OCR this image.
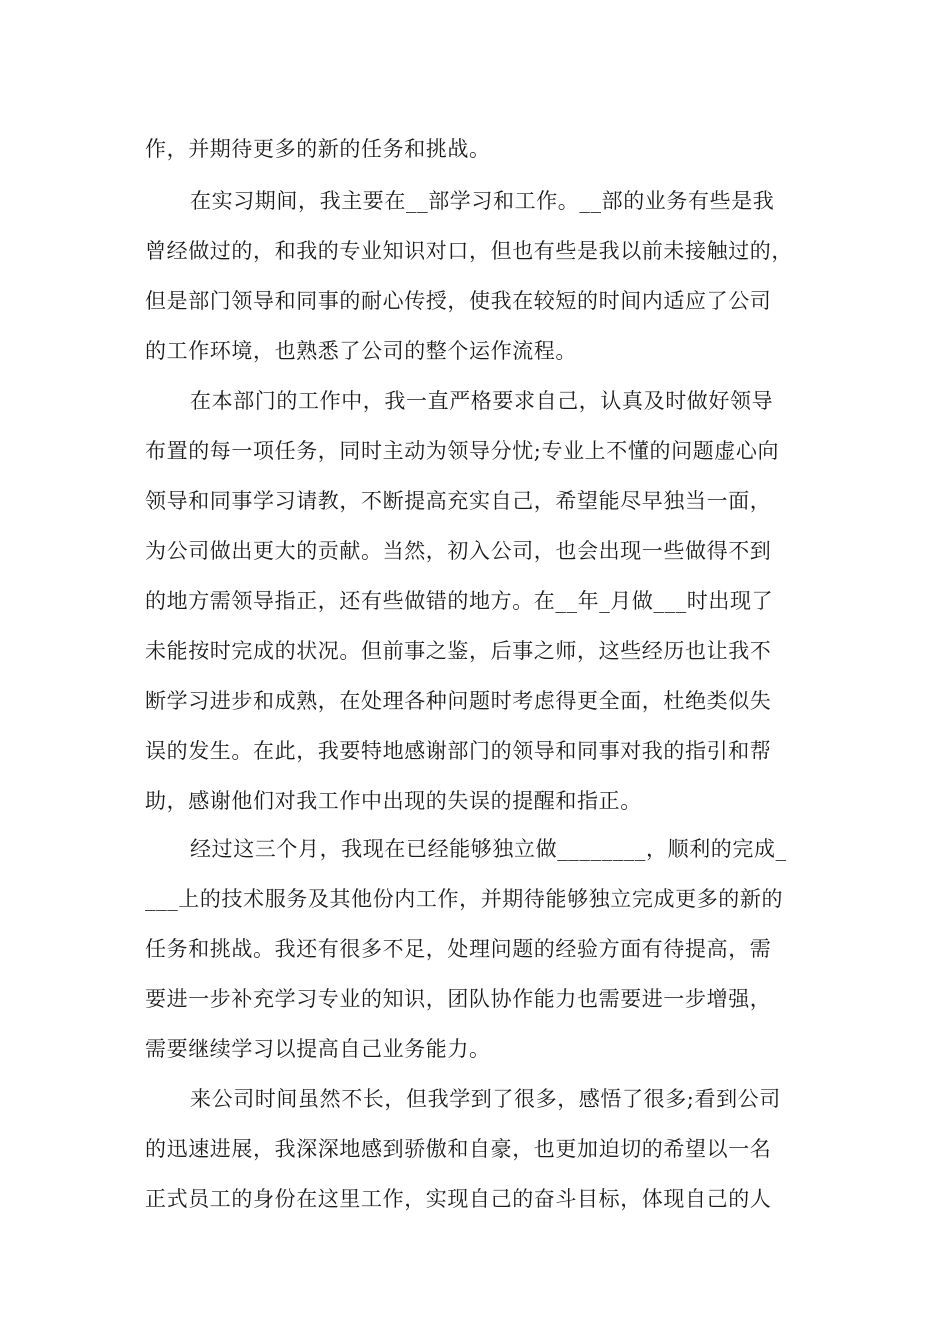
作，并期待更多的新的任务和挑战。
在实习期间，我主要在__部学习和工作。__部的业务有些是我
曾经做过的，和我的专业知识对口，但也有些是我以前未接触过的，
但是部门领导和同事的耐心传授，使我在较短的时间内适应了公司
的工作环境，也熟悉了公司的整个运作流程。
在本部门的工作中，我一直严格要求自己，认真及时做好领导
布置的每一项任务，同时主动为领导分忧;专业上不懂的问题虚心向
领导和同事学习请教，不断提高充实自己，希望能尽早独当一面，
为公司做出更大的贡献。当然，初入公司，也会出现一些做得不到
的地方需领导指正，还有些做错的地方。在__年_月做___时出现了
未能按时完成的状况。但前事之鉴，后事之师，这些经历也让我不
断学习进步和成熟，在处理各种问题时考虑得更全面，杜绝类似失
误的发生。在此，我要特地感谢部门的领导和同事对我的指引和帮
助，感谢他们对我工作中出现的失误的提醒和指正。
经过这三个月，我现在已经能够独立做________，顺利的完成_
___上的技术服务及其他份内工作，并期待能够独立完成更多的新的
任务和挑战。我还有很多不足，处理问题的经验方面有待提高，需
要进一步补充学习专业的知识，团队协作能力也需要进一步增强，
需要继续学习以提高自己业务能力。
来公司时间虽然不长，但我学到了很多，感悟了很多;看到公司
的迅速进展，我深深地感到骄傲和自豪，也更加迫切的希望以一名
正式员工的身份在这里工作，实现自己的奋斗目标，体现自己的人
